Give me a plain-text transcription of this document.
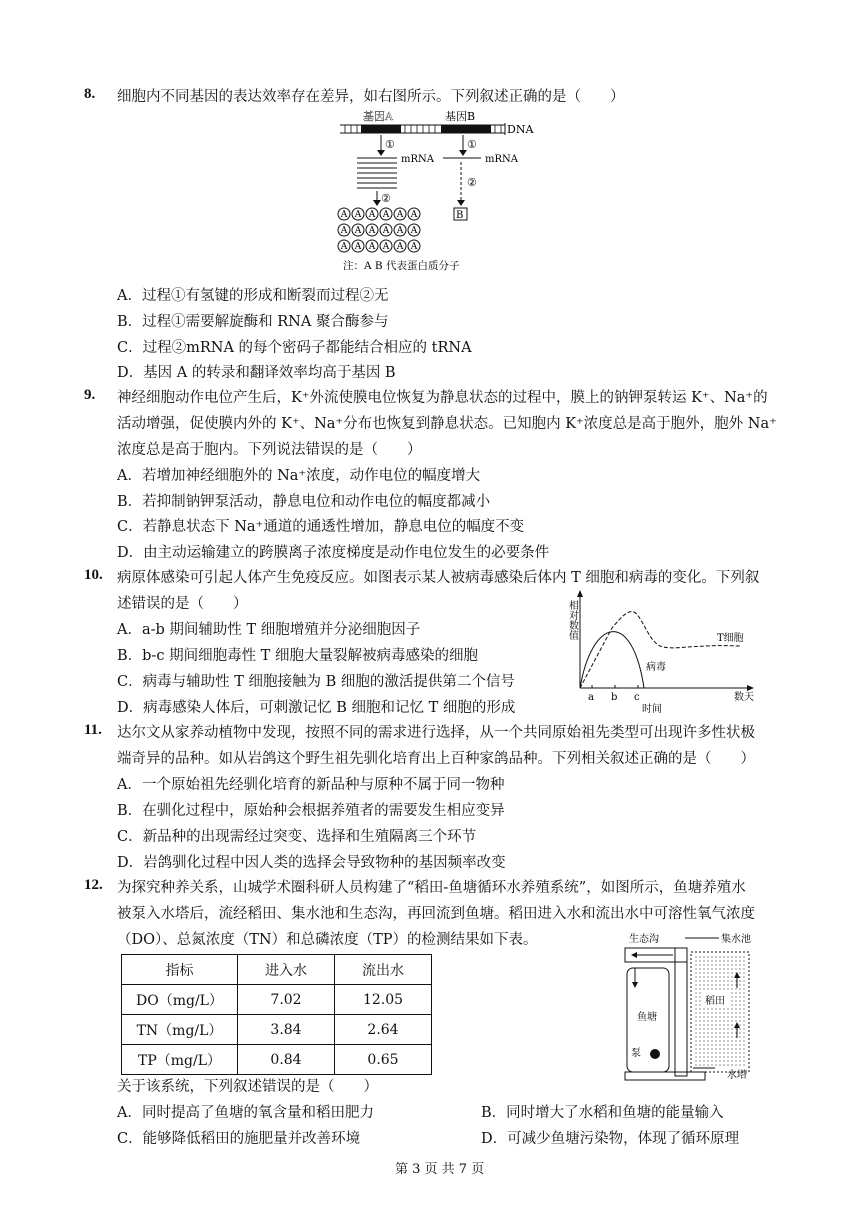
8. 细胞内不同基因的表达效率存在差异，如右图所示。下列叙述正确的是（　　）
基因A	基因B
DNA
①	①
mRNA	mRNA
②
②
B
A A A A A A
A A A A A A
A A A A A A
注：A B 代表蛋白质分子
A．过程①有氢键的形成和断裂而过程②无
B．过程①需要解旋酶和 RNA 聚合酶参与
C．过程②mRNA 的每个密码子都能结合相应的 tRNA
D．基因 A 的转录和翻译效率均高于基因 B
9. 神经细胞动作电位产生后，K⁺外流使膜电位恢复为静息状态的过程中，膜上的钠钾泵转运 K⁺、Na⁺的
活动增强，促使膜内外的 K⁺、Na⁺分布也恢复到静息状态。已知胞内 K⁺浓度总是高于胞外，胞外 Na⁺
浓度总是高于胞内。下列说法错误的是（　　）
A．若增加神经细胞外的 Na⁺浓度，动作电位的幅度增大
B．若抑制钠钾泵活动，静息电位和动作电位的幅度都减小
C．若静息状态下 Na⁺通道的通透性增加，静息电位的幅度不变
D．由主动运输建立的跨膜离子浓度梯度是动作电位发生的必要条件
10. 病原体感染可引起人体产生免疫反应。如图表示某人被病毒感染后体内 T 细胞和病毒的变化。下列叙
述错误的是（　　）
A．a-b 期间辅助性 T 细胞增殖并分泌细胞因子
B．b-c 期间细胞毒性 T 细胞大量裂解被病毒感染的细胞
C．病毒与辅助性 T 细胞接触为 B 细胞的激活提供第二个信号
D．病毒感染人体后，可刺激记忆 B 细胞和记忆 T 细胞的形成
相对数值
a b c
时间
数天
T细胞
病毒
11. 达尔文从家养动植物中发现，按照不同的需求进行选择，从一个共同原始祖先类型可出现许多性状极
端奇异的品种。如从岩鸽这个野生祖先驯化培育出上百种家鸽品种。下列相关叙述正确的是（　　）
A．一个原始祖先经驯化培育的新品种与原种不属于同一物种
B．在驯化过程中，原始种会根据养殖者的需要发生相应变异
C．新品种的出现需经过突变、选择和生殖隔离三个环节
D．岩鸽驯化过程中因人类的选择会导致物种的基因频率改变
12. 为探究种养关系，山城学术圈科研人员构建了“稻田-鱼塘循环水养殖系统”，如图所示，鱼塘养殖水
被泵入水塔后，流经稻田、集水池和生态沟，再回流到鱼塘。稻田进入水和流出水中可溶性氧气浓度
（DO）、总氮浓度（TN）和总磷浓度（TP）的检测结果如下表。
指标	进入水	流出水
DO（mg/L）	7.02	12.05
TN（mg/L）	3.84	2.64
TP（mg/L）	0.84	0.65
生态沟	集水池
稻田
鱼塘
泵
水塔
关于该系统，下列叙述错误的是（　　）
A．同时提高了鱼塘的氧含量和稻田肥力	B．同时增大了水稻和鱼塘的能量输入
C．能够降低稻田的施肥量并改善环境	D．可减少鱼塘污染物，体现了循环原理
第 3 页 共 7 页
